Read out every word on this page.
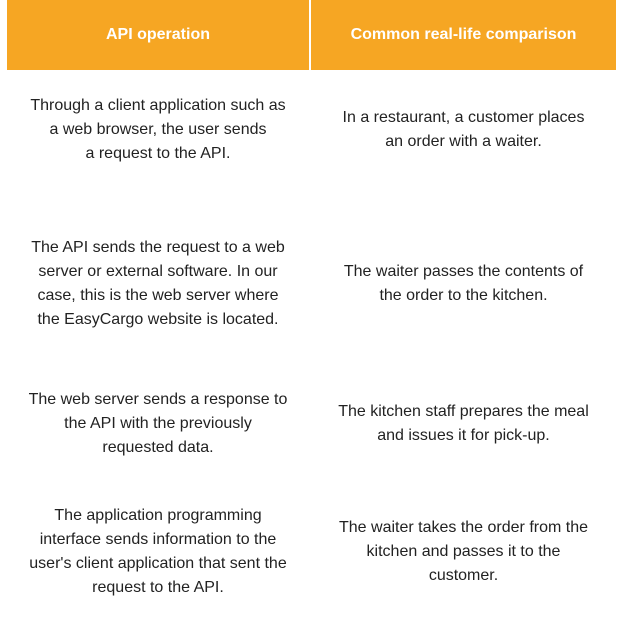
API operation	Common real-life comparison
Through a client application such as
a web browser, the user sends
a request to the API.
In a restaurant, a customer places
an order with a waiter.
The API sends the request to a web
server or external software. In our
case, this is the web server where
the EasyCargo website is located.
The waiter passes the contents of
the order to the kitchen.
The web server sends a response to
the API with the previously
requested data.
The kitchen staff prepares the meal
and issues it for pick-up.
The application programming
interface sends information to the
user's client application that sent the
request to the API.
The waiter takes the order from the
kitchen and passes it to the
customer.
